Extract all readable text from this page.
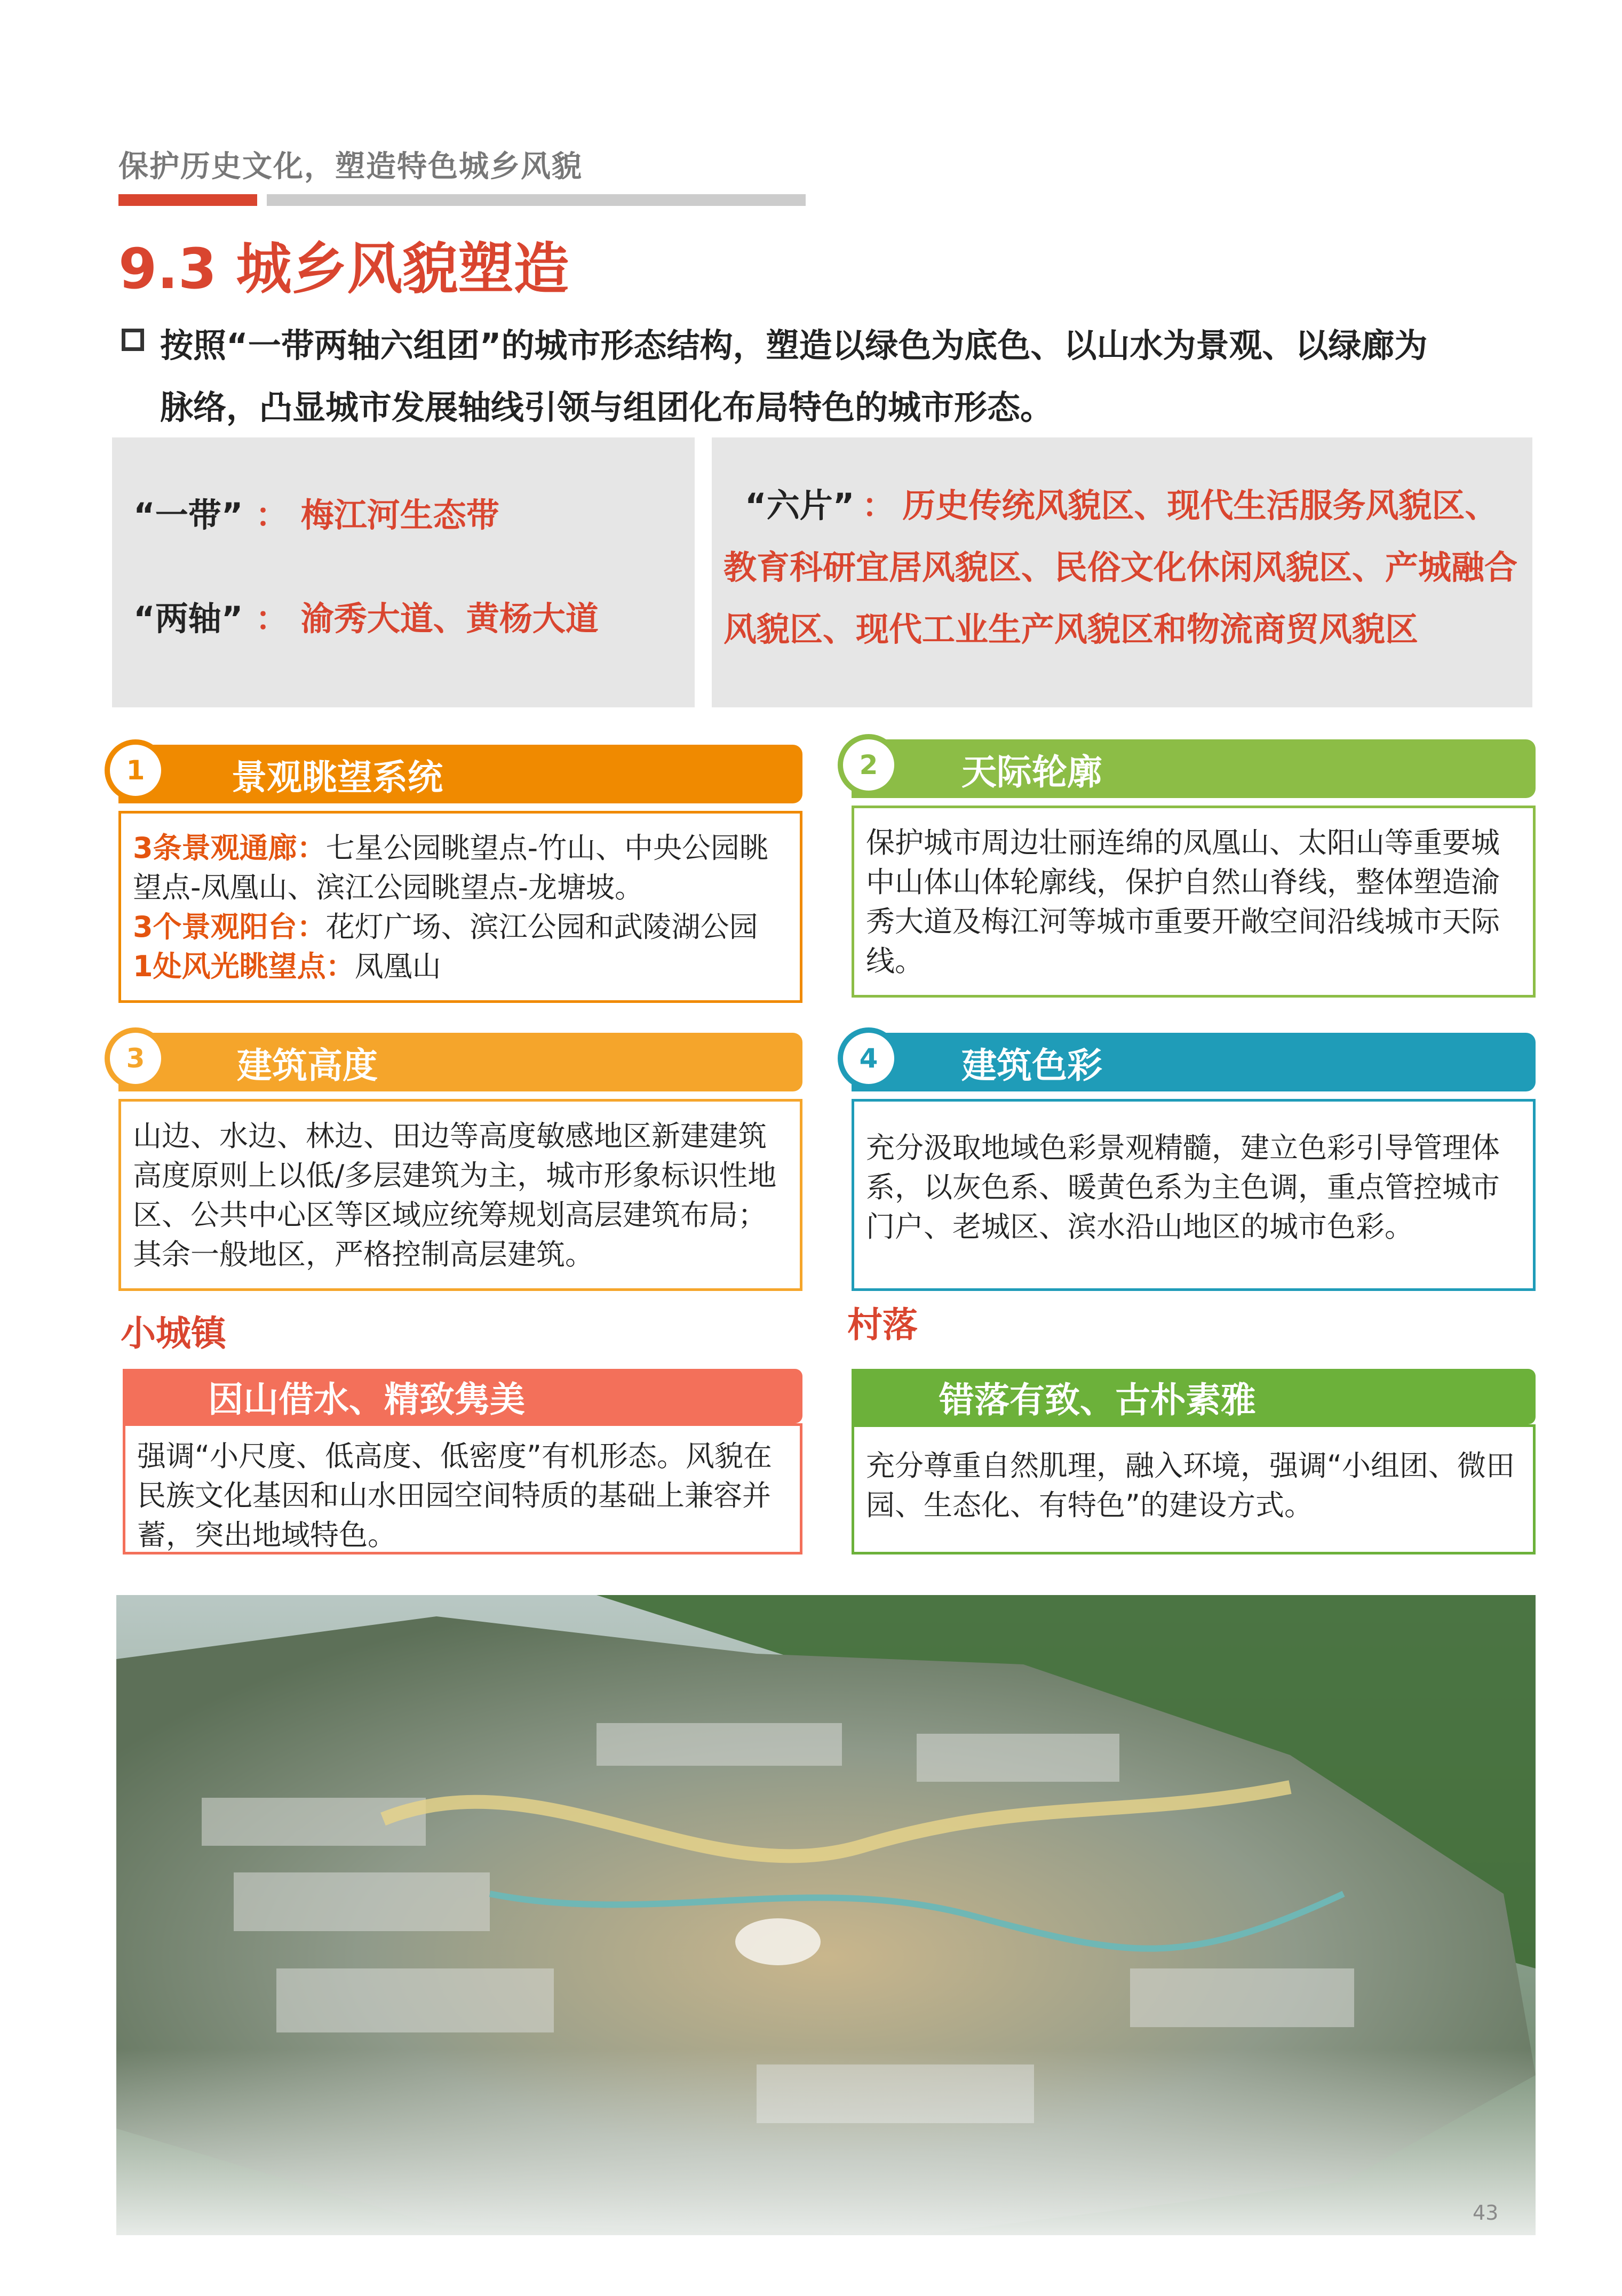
保护历史文化，塑造特色城乡风貌
9.3 城乡风貌塑造
按照“一带两轴六组团”的城市形态结构，塑造以绿色为底色、以山水为景观、以绿廊为
脉络，凸显城市发展轴线引领与组团化布局特色的城市形态。
“一带” ： 梅江河生态带
“两轴” ： 渝秀大道、黄杨大道
“六片” ： 历史传统风貌区、现代生活服务风貌区、教育科研宜居风貌区、民俗文化休闲风貌区、产城融合风貌区、现代工业生产风貌区和物流商贸风貌区
景观眺望系统
1
3条景观通廊：七星公园眺望点-竹山、中央公园眺望点-凤凰山、滨江公园眺望点-龙塘坡。
3个景观阳台：花灯广场、滨江公园和武陵湖公园
1处风光眺望点：凤凰山
天际轮廓
2
保护城市周边壮丽连绵的凤凰山、太阳山等重要城中山体山体轮廓线，保护自然山脊线，整体塑造渝秀大道及梅江河等城市重要开敞空间沿线城市天际线。
建筑高度
3
山边、水边、林边、田边等高度敏感地区新建建筑高度原则上以低/多层建筑为主，城市形象标识性地区、公共中心区等区域应统筹规划高层建筑布局；其余一般地区，严格控制高层建筑。
建筑色彩
4
充分汲取地域色彩景观精髓，建立色彩引导管理体系，以灰色系、暖黄色系为主色调，重点管控城市门户、老城区、滨水沿山地区的城市色彩。
小城镇	村落
因山借水、精致隽美
强调“小尺度、低高度、低密度”有机形态。风貌在民族文化基因和山水田园空间特质的基础上兼容并蓄，突出地域特色。
错落有致、古朴素雅
充分尊重自然肌理，融入环境，强调“小组团、微田园、生态化、有特色”的建设方式。
43
